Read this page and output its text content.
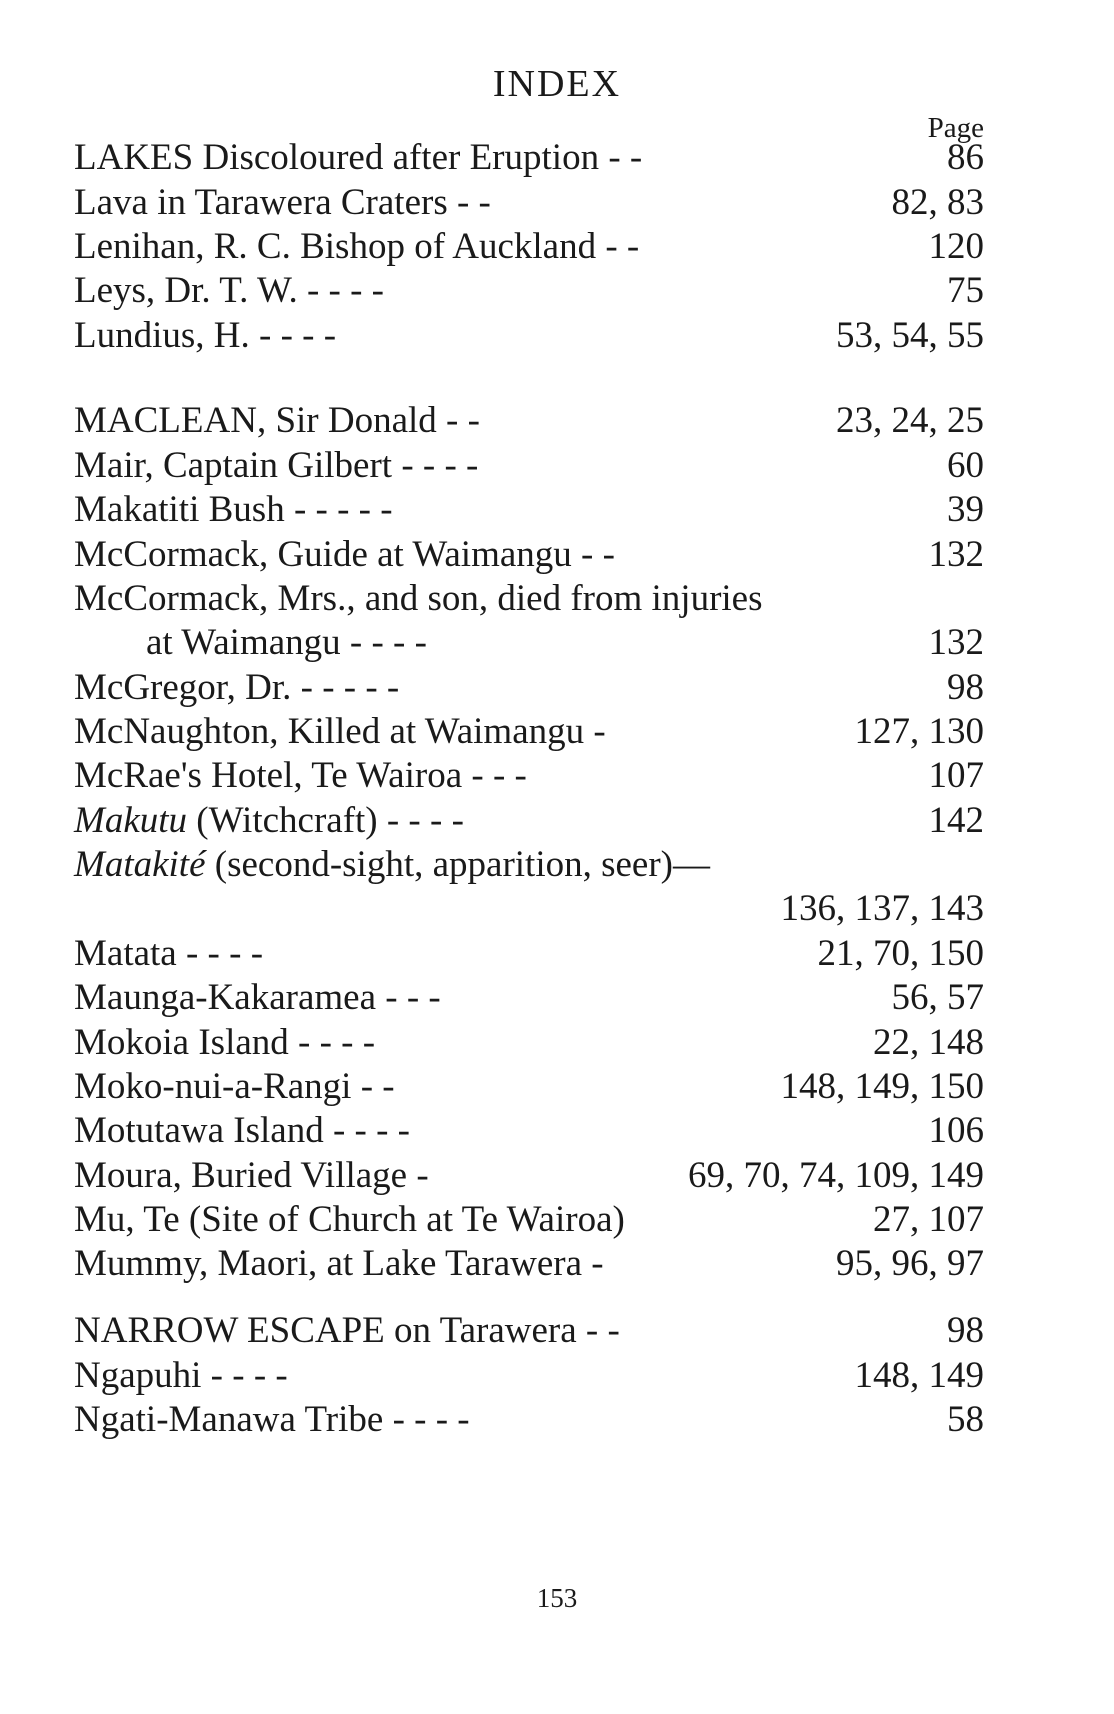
INDEX
Page
LAKES Discoloured after Eruption - -	86
Lava in Tarawera Craters - -	82, 83
Lenihan, R. C. Bishop of Auckland - -	120
Leys, Dr. T. W. - - - -	75
Lundius, H. - - - -	53, 54, 55
MACLEAN, Sir Donald - -	23, 24, 25
Mair, Captain Gilbert - - - -	60
Makatiti Bush - - - - -	39
McCormack, Guide at Waimangu - -	132
McCormack, Mrs., and son, died from injuries
at Waimangu - - - -	132
McGregor, Dr. - - - - -	98
McNaughton, Killed at Waimangu -	127, 130
McRae's Hotel, Te Wairoa - - -	107
Makutu (Witchcraft) - - - -	142
Matakité (second-sight, apparition, seer)—
136, 137, 143
Matata - - - -	21, 70, 150
Maunga-Kakaramea - - -	56, 57
Mokoia Island - - - -	22, 148
Moko-nui-a-Rangi - -	148, 149, 150
Motutawa Island - - - -	106
Moura, Buried Village -	69, 70, 74, 109, 149
Mu, Te (Site of Church at Te Wairoa)	27, 107
Mummy, Maori, at Lake Tarawera -	95, 96, 97
NARROW ESCAPE on Tarawera - -	98
Ngapuhi - - - -	148, 149
Ngati-Manawa Tribe - - - -	58
153
